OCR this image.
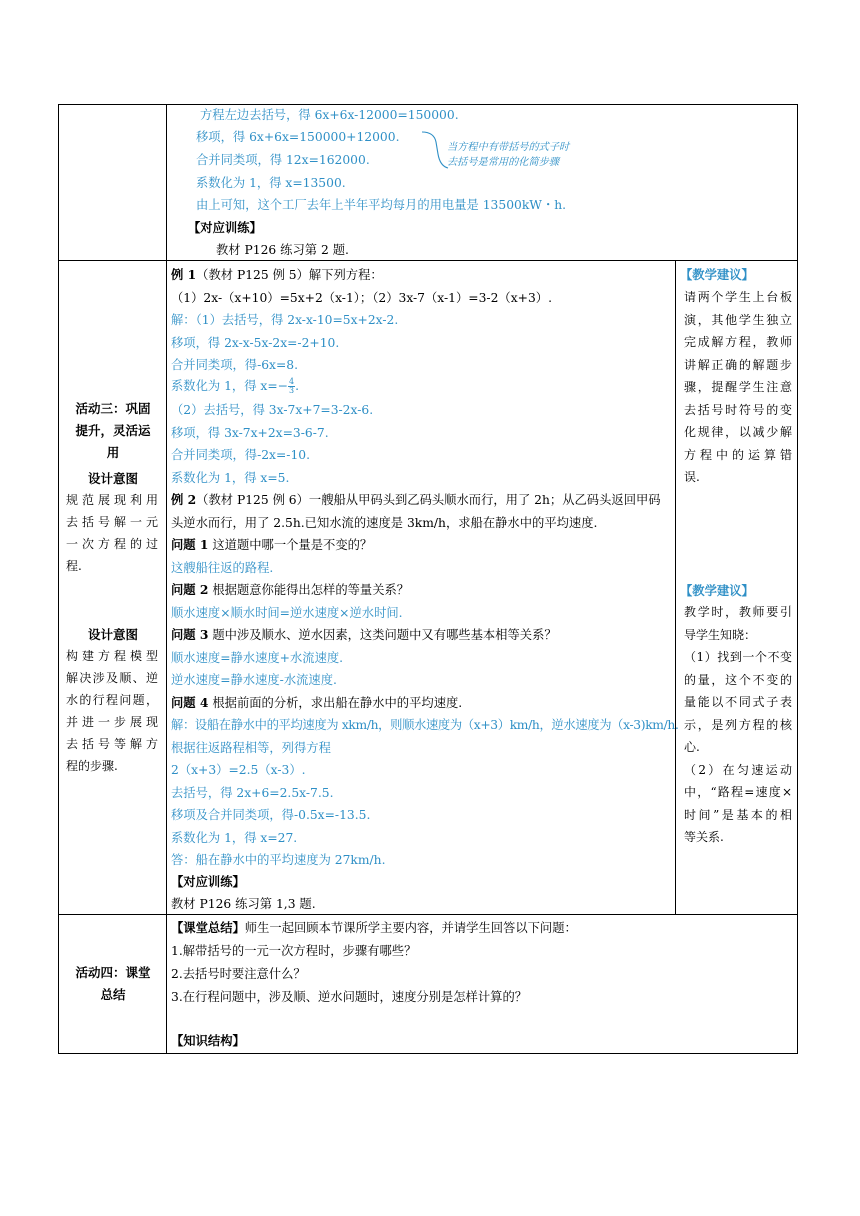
方程左边去括号，得 6x+6x-12000=150000.
移项，得 6x+6x=150000+12000.
合并同类项，得 12x=162000.
系数化为 1，得 x=13500.
由上可知，这个工厂去年上半年平均每月的用电量是 13500kW・h.
当方程中有带括号的式子时
去括号是常用的化简步骤
【对应训练】
教材 P126 练习第 2 题.
活动三：巩固
提升，灵活运
用
设计意图
规范展现利用
去括号解一元
一次方程的过
程.
设计意图
构建方程模型
解决涉及顺、逆
水的行程问题，
并进一步展现
去括号等解方
程的步骤.
例 1（教材 P125 例 5）解下列方程：
（1）2x-（x+10）=5x+2（x-1）；（2）3x-7（x-1）=3-2（x+3）.
解：（1）去括号，得 2x-x-10=5x+2x-2.
移项，得 2x-x-5x-2x=-2+10.
合并同类项，得-6x=8.
系数化为 1，得 $x=- \frac{4}{3}$ .
（2）去括号，得 3x-7x+7=3-2x-6.
移项，得 3x-7x+2x=3-6-7.
合并同类项，得-2x=-10.
系数化为 1，得 x=5.
例 2（教材 P125 例 6）一艘船从甲码头到乙码头顺水而行，用了 2h；从乙码头返回甲码
头逆水而行，用了 2.5h.已知水流的速度是 3km/h，求船在静水中的平均速度.
问题 1 这道题中哪一个量是不变的？
这艘船往返的路程.
问题 2 根据题意你能得出怎样的等量关系？
顺水速度×顺水时间=逆水速度×逆水时间.
问题 3 题中涉及顺水、逆水因素，这类问题中又有哪些基本相等关系？
顺水速度=静水速度+水流速度.
逆水速度=静水速度-水流速度.
问题 4 根据前面的分析，求出船在静水中的平均速度.
解：设船在静水中的平均速度为 xkm/h，则顺水速度为（x+3）km/h，逆水速度为（x-3)km/h.
根据往返路程相等，列得方程
2（x+3）=2.5（x-3）.
去括号，得 2x+6=2.5x-7.5.
移项及合并同类项，得-0.5x=-13.5.
系数化为 1，得 x=27.
答：船在静水中的平均速度为 27km/h.
【对应训练】
教材 P126 练习第 1,3 题.
【教学建议】
请两个学生上台板
演，其他学生独立
完成解方程，教师
讲解正确的解题步
骤，提醒学生注意
去括号时符号的变
化规律，以减少解
方程中的运算错
误.
【教学建议】
教学时，教师要引
导学生知晓：
（1）找到一个不变
的量，这个不变的
量能以不同式子表
示，是列方程的核
心.
（2）在匀速运动
中，“路程=速度×
时间”是基本的相
等关系.
活动四：课堂
总结
【课堂总结】师生一起回顾本节课所学主要内容，并请学生回答以下问题：
1.解带括号的一元一次方程时，步骤有哪些？
2.去括号时要注意什么？
3.在行程问题中，涉及顺、逆水问题时，速度分别是怎样计算的？
【知识结构】
